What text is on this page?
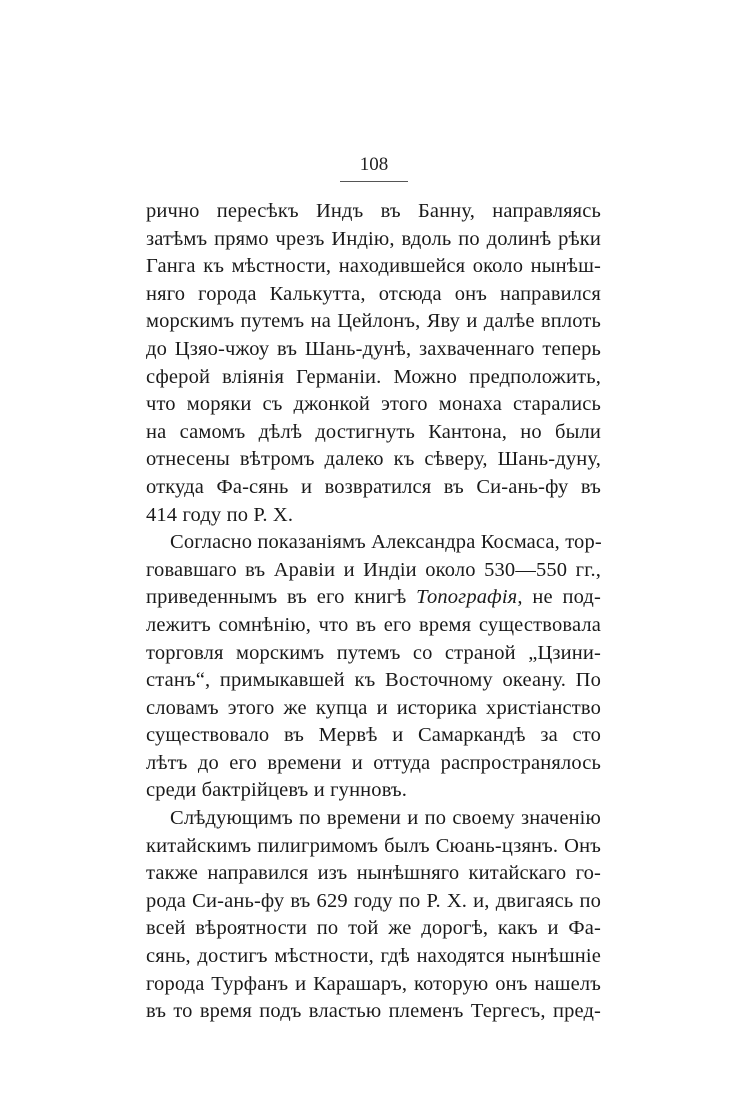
108
ричнo пересѣкъ Индъ въ Банну, направляясь
затѣмъ прямо чрезъ Индію, вдоль по долинѣ рѣки
Ганга къ мѣстности, находившейся около нынѣш-
няго города Калькутта, отсюда онъ направился
морскимъ путемъ на Цейлонъ, Яву и далѣе вплоть
до Цзяо-чжоу въ Шань-дунѣ, захваченнаго теперь
сферой вліянія Германіи. Можно предположить,
что моряки съ джонкой этого монаха старались
на самомъ дѣлѣ достигнуть Кантона, но были
отнесены вѣтромъ далеко къ сѣверу, Шань-дуну,
откуда Фа-сянь и возвратился въ Си-ань-фу въ
414 году по Р. Х.
Согласно показаніямъ Александра Космаса, тор-
говавшаго въ Аравіи и Индіи около 530—550 гг.,
приведеннымъ въ его книгѣ Топографія, не под-
лежитъ сомнѣнію, что въ его время существовала
торговля морскимъ путемъ со страной „Цзини-
станъ“, примыкавшей къ Восточному океану. По
словамъ этого же купца и историка христіанство
существовало въ Мервѣ и Самаркандѣ за сто
лѣтъ до его времени и оттуда распространялось
среди бактрійцевъ и гунновъ.
Слѣдующимъ по времени и по своему значенію
китайскимъ пилигримомъ былъ Сюань-цзянъ. Онъ
также направился изъ нынѣшняго китайскаго го-
рода Си-ань-фу въ 629 году по Р. Х. и, двигаясь по
всей вѣроятности по той же дорогѣ, какъ и Фа-
сянь, достигъ мѣстности, гдѣ находятся нынѣшніе
города Турфанъ и Карашаръ, которую онъ нашелъ
въ то время подъ властью племенъ Тергесъ, пред-
